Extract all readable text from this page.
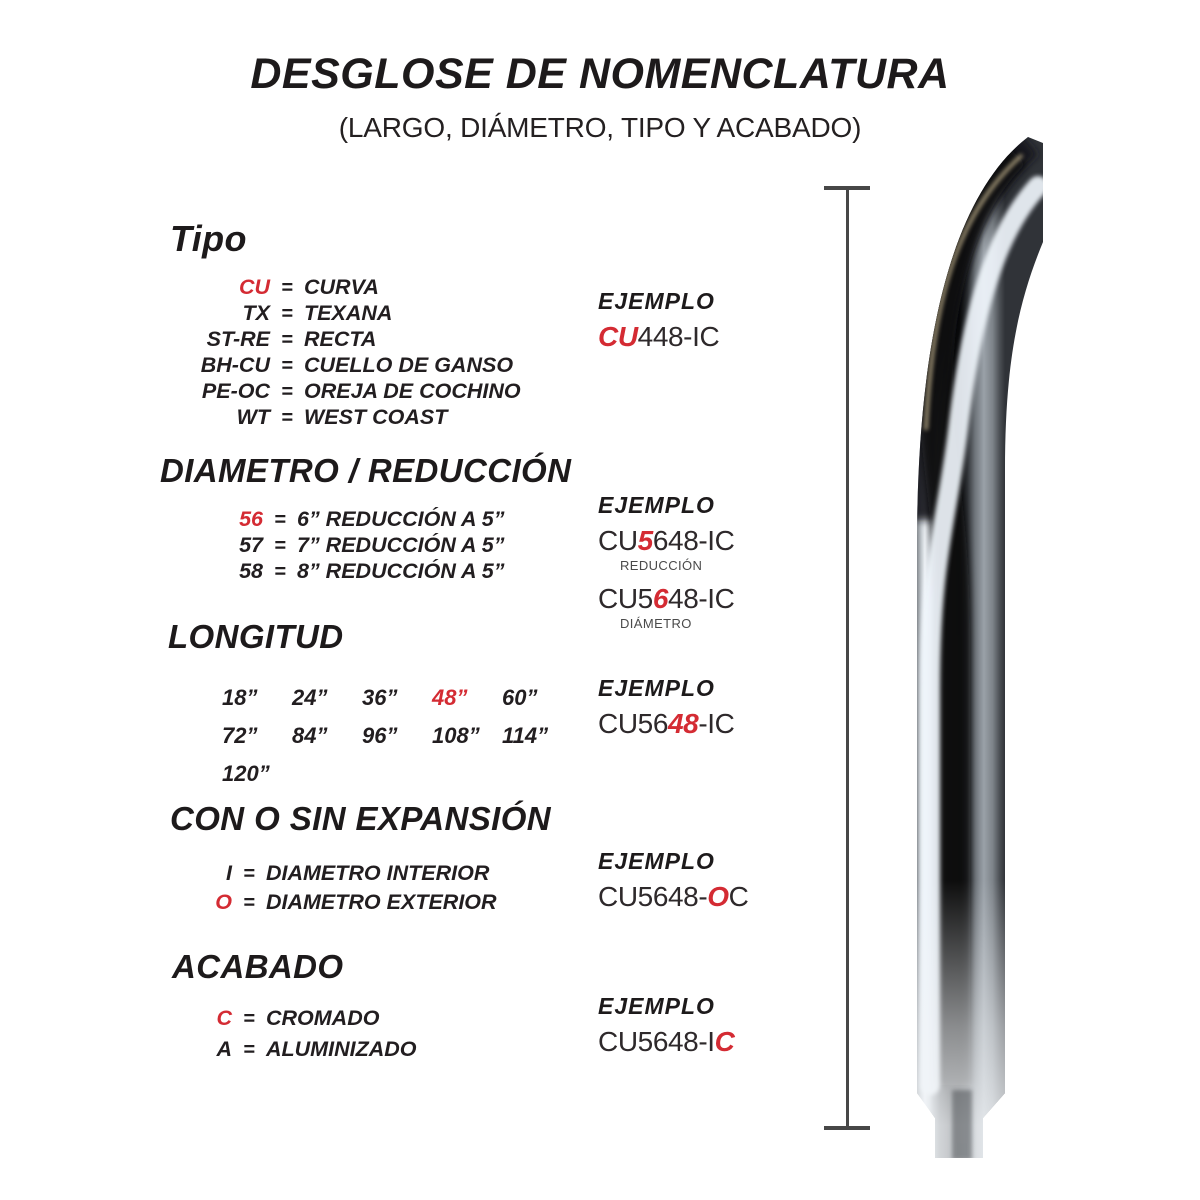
DESGLOSE DE NOMENCLATURA
(LARGO, DIÁMETRO, TIPO Y ACABADO)
Tipo
CU = CURVA
TX = TEXANA
ST-RE = RECTA
BH-CU = CUELLO DE GANSO
PE-OC = OREJA DE COCHINO
WT = WEST COAST
DIAMETRO / REDUCCIÓN
56 = 6” REDUCCIÓN A 5”
57 = 7” REDUCCIÓN A 5”
58 = 8” REDUCCIÓN A 5”
LONGITUD
18”	24”	36”	48”	60”
72”	84”	96”	108”	114”
120”
CON O SIN EXPANSIÓN
I = DIAMETRO INTERIOR
O = DIAMETRO EXTERIOR
ACABADO
C = CROMADO
A = ALUMINIZADO
EJEMPLO
CU448-IC
EJEMPLO
CU5648-IC
REDUCCIÓN
CU5648-IC
DIÁMETRO
EJEMPLO
CU5648-IC
EJEMPLO
CU5648-OC
EJEMPLO
CU5648-IC
